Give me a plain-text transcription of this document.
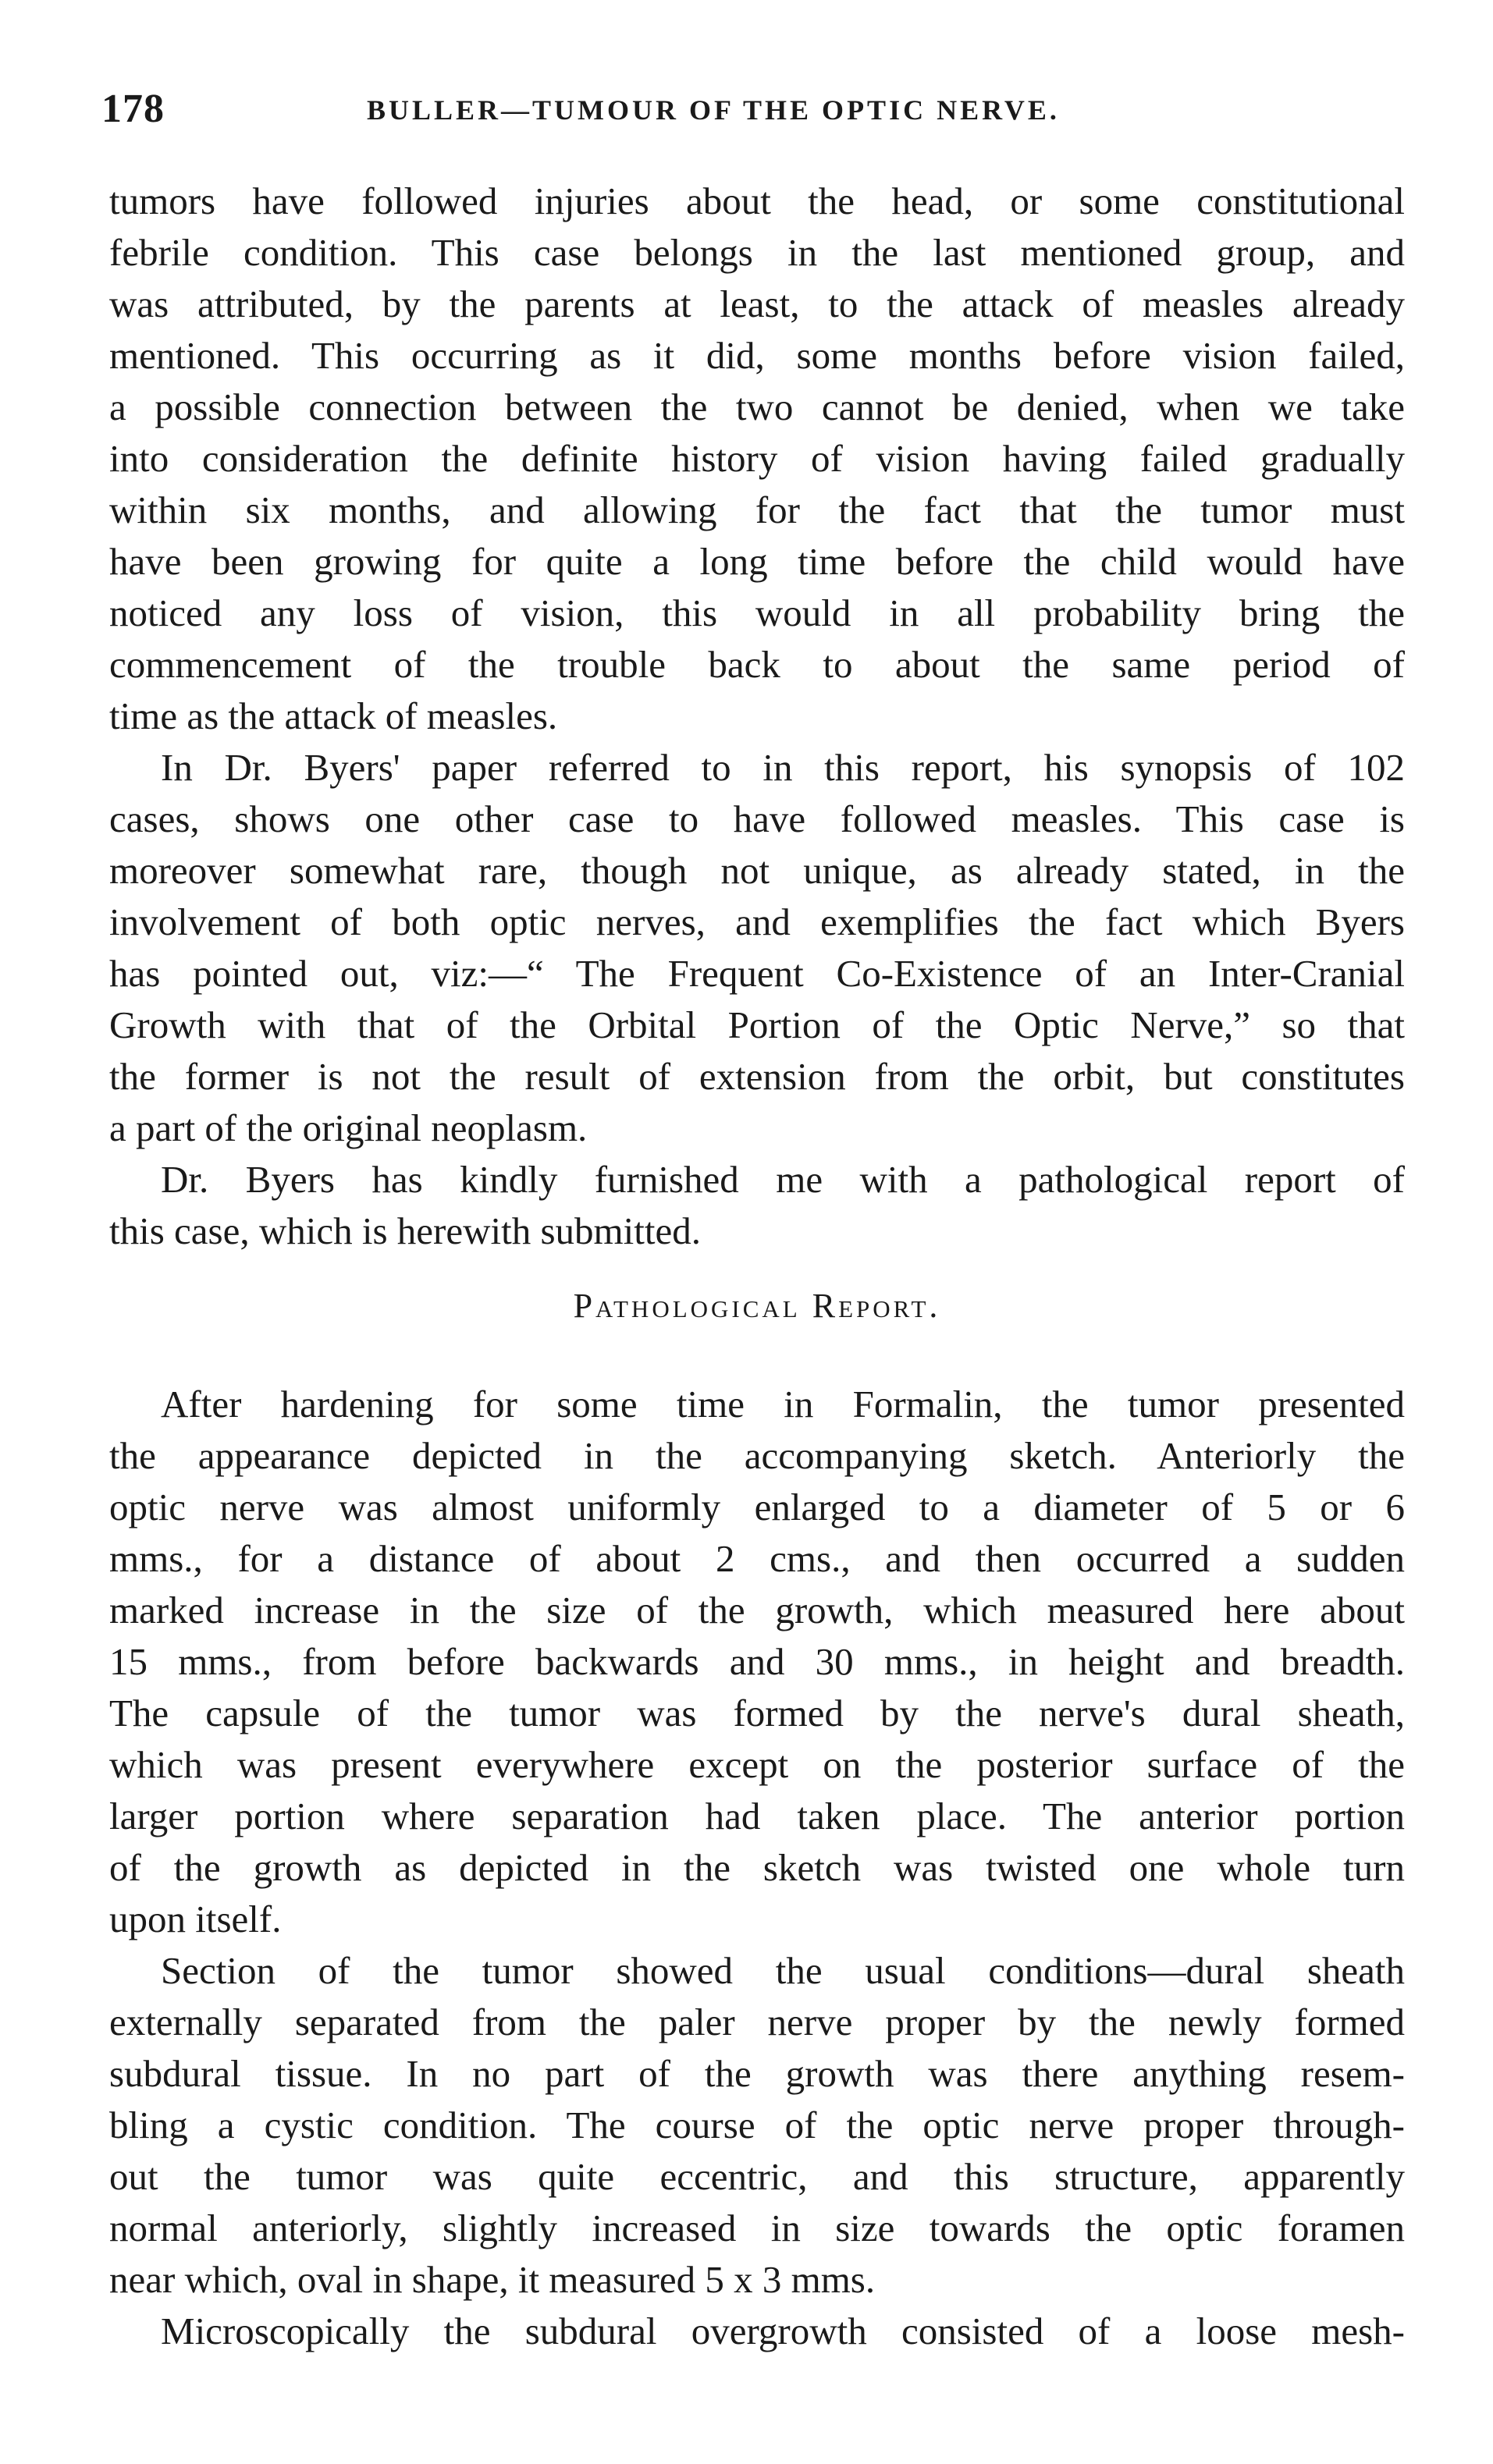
178	BULLER—TUMOUR OF THE OPTIC NERVE.
tumors have followed injuries about the head, or some constitutional
febrile condition. This case belongs in the last mentioned group, and
was attributed, by the parents at least, to the attack of measles already
mentioned. This occurring as it did, some months before vision failed,
a possible connection between the two cannot be denied, when we take
into consideration the definite history of vision having failed gradually
within six months, and allowing for the fact that the tumor must
have been growing for quite a long time before the child would have
noticed any loss of vision, this would in all probability bring the
commencement of the trouble back to about the same period of
time as the attack of measles.
In Dr. Byers' paper referred to in this report, his synopsis of 102
cases, shows one other case to have followed measles. This case is
moreover somewhat rare, though not unique, as already stated, in the
involvement of both optic nerves, and exemplifies the fact which Byers
has pointed out, viz:—“ The Frequent Co-Existence of an Inter-Cranial
Growth with that of the Orbital Portion of the Optic Nerve,” so that
the former is not the result of extension from the orbit, but constitutes
a part of the original neoplasm.
Dr. Byers has kindly furnished me with a pathological report of
this case, which is herewith submitted.
Pathological Report.
After hardening for some time in Formalin, the tumor presented
the appearance depicted in the accompanying sketch. Anteriorly the
optic nerve was almost uniformly enlarged to a diameter of 5 or 6
mms., for a distance of about 2 cms., and then occurred a sudden
marked increase in the size of the growth, which measured here about
15 mms., from before backwards and 30 mms., in height and breadth.
The capsule of the tumor was formed by the nerve's dural sheath,
which was present everywhere except on the posterior surface of the
larger portion where separation had taken place. The anterior portion
of the growth as depicted in the sketch was twisted one whole turn
upon itself.
Section of the tumor showed the usual conditions—dural sheath
externally separated from the paler nerve proper by the newly formed
subdural tissue. In no part of the growth was there anything resem-
bling a cystic condition. The course of the optic nerve proper through-
out the tumor was quite eccentric, and this structure, apparently
normal anteriorly, slightly increased in size towards the optic foramen
near which, oval in shape, it measured 5 x 3 mms.
Microscopically the subdural overgrowth consisted of a loose mesh-
